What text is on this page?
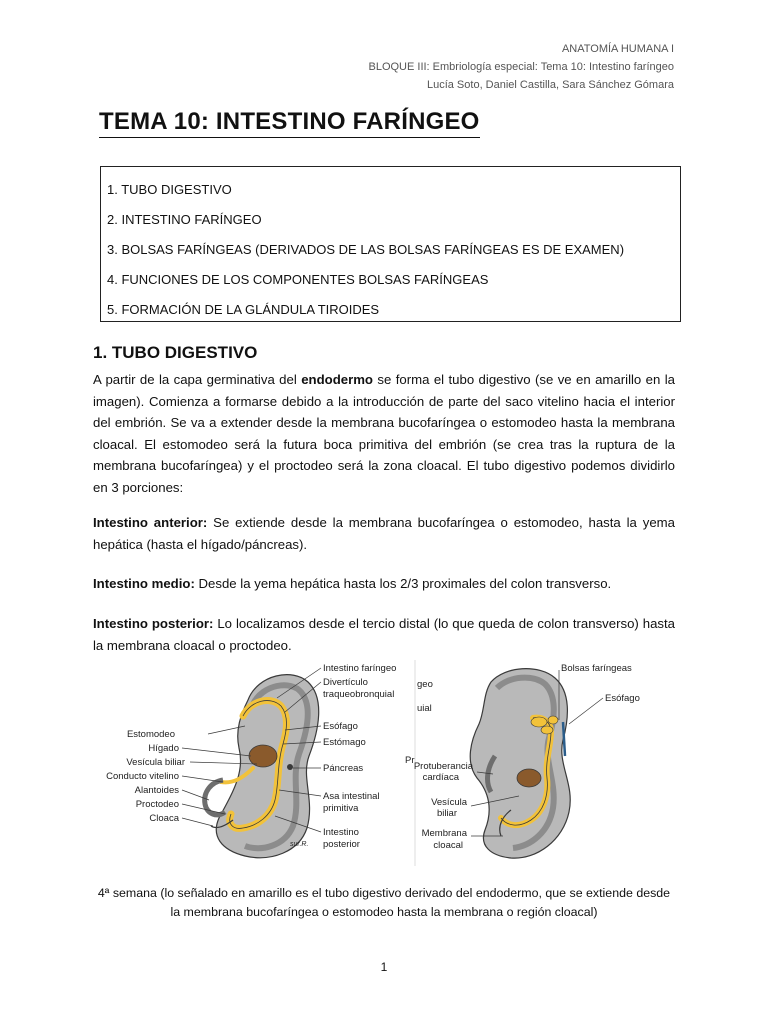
ANATOMÍA HUMANA I
BLOQUE III: Embriología especial: Tema 10: Intestino faríngeo
Lucía Soto, Daniel Castilla, Sara Sánchez Gómara
TEMA 10: INTESTINO FARÍNGEO
1. TUBO DIGESTIVO
2. INTESTINO FARÍNGEO
3. BOLSAS FARÍNGEAS (DERIVADOS DE LAS BOLSAS FARÍNGEAS ES DE EXAMEN)
4. FUNCIONES DE LOS COMPONENTES BOLSAS FARÍNGEAS
5. FORMACIÓN DE LA GLÁNDULA TIROIDES
1. TUBO DIGESTIVO
A partir de la capa germinativa del endodermo se forma el tubo digestivo (se ve en amarillo en la imagen). Comienza a formarse debido a la introducción de parte del saco vitelino hacia el interior del embrión. Se va a extender desde la membrana bucofaríngea o estomodeo hasta la membrana cloacal. El estomodeo será la futura boca primitiva del embrión (se crea tras la ruptura de la membrana bucofaríngea) y el proctodeo será la zona cloacal. El tubo digestivo podemos dividirlo en 3 porciones:
Intestino anterior: Se extiende desde la membrana bucofaríngea o estomodeo, hasta la yema hepática (hasta el hígado/páncreas).
Intestino medio: Desde la yema hepática hasta los 2/3 proximales del colon transverso.
Intestino posterior: Lo localizamos desde el tercio distal (lo que queda de colon transverso) hasta la membrana cloacal o proctodeo.
Estomodeo
Hígado
Vesícula biliar
Conducto vitelino
Alantoides
Proctodeo
Cloaca
Intestino faríngeo
Divertículo
traqueobronquial
Esófago
Estómago
Páncreas
Asa intestinal
primitiva
Intestino
posterior
sur.R.
geo
uial
Pr
Bolsas faríngeas
Esófago
Protuberancia
cardíaca
Vesícula
biliar
Membrana
cloacal
4ª semana (lo señalado en amarillo es el tubo digestivo derivado del endodermo, que se extiende desde la membrana bucofaríngea o estomodeo hasta la membrana o región cloacal)
1
